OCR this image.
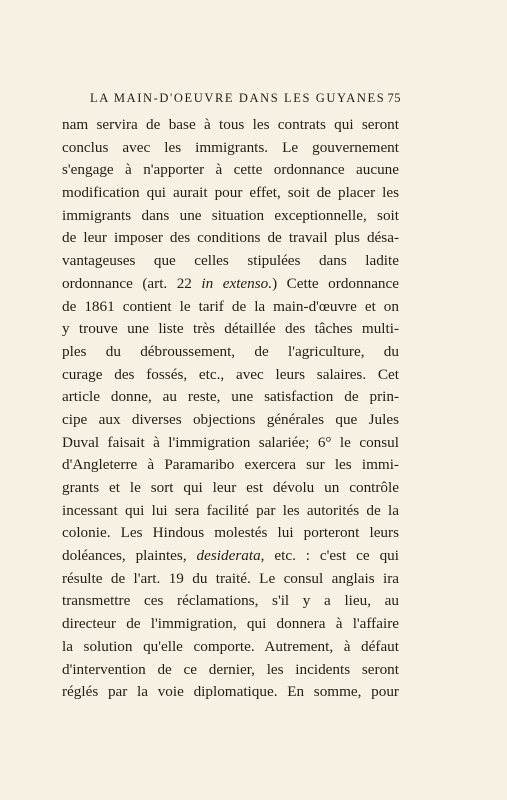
LA MAIN-D'OEUVRE DANS LES GUYANES 75
nam servira de base à tous les contrats qui seront
conclus avec les immigrants. Le gouvernement
s'engage à n'apporter à cette ordonnance aucune
modification qui aurait pour effet, soit de placer les
immigrants dans une situation exceptionnelle, soit
de leur imposer des conditions de travail plus désa-
vantageuses que celles stipulées dans ladite
ordonnance (art. 22 in extenso.) Cette ordonnance
de 1861 contient le tarif de la main-d'œuvre et on
y trouve une liste très détaillée des tâches multi-
ples du débroussement, de l'agriculture, du
curage des fossés, etc., avec leurs salaires. Cet
article donne, au reste, une satisfaction de prin-
cipe aux diverses objections générales que Jules
Duval faisait à l'immigration salariée; 6° le consul
d'Angleterre à Paramaribo exercera sur les immi-
grants et le sort qui leur est dévolu un contrôle
incessant qui lui sera facilité par les autorités de la
colonie. Les Hindous molestés lui porteront leurs
doléances, plaintes, desiderata, etc. : c'est ce qui
résulte de l'art. 19 du traité. Le consul anglais ira
transmettre ces réclamations, s'il y a lieu, au
directeur de l'immigration, qui donnera à l'affaire
la solution qu'elle comporte. Autrement, à défaut
d'intervention de ce dernier, les incidents seront
réglés par la voie diplomatique. En somme, pour
